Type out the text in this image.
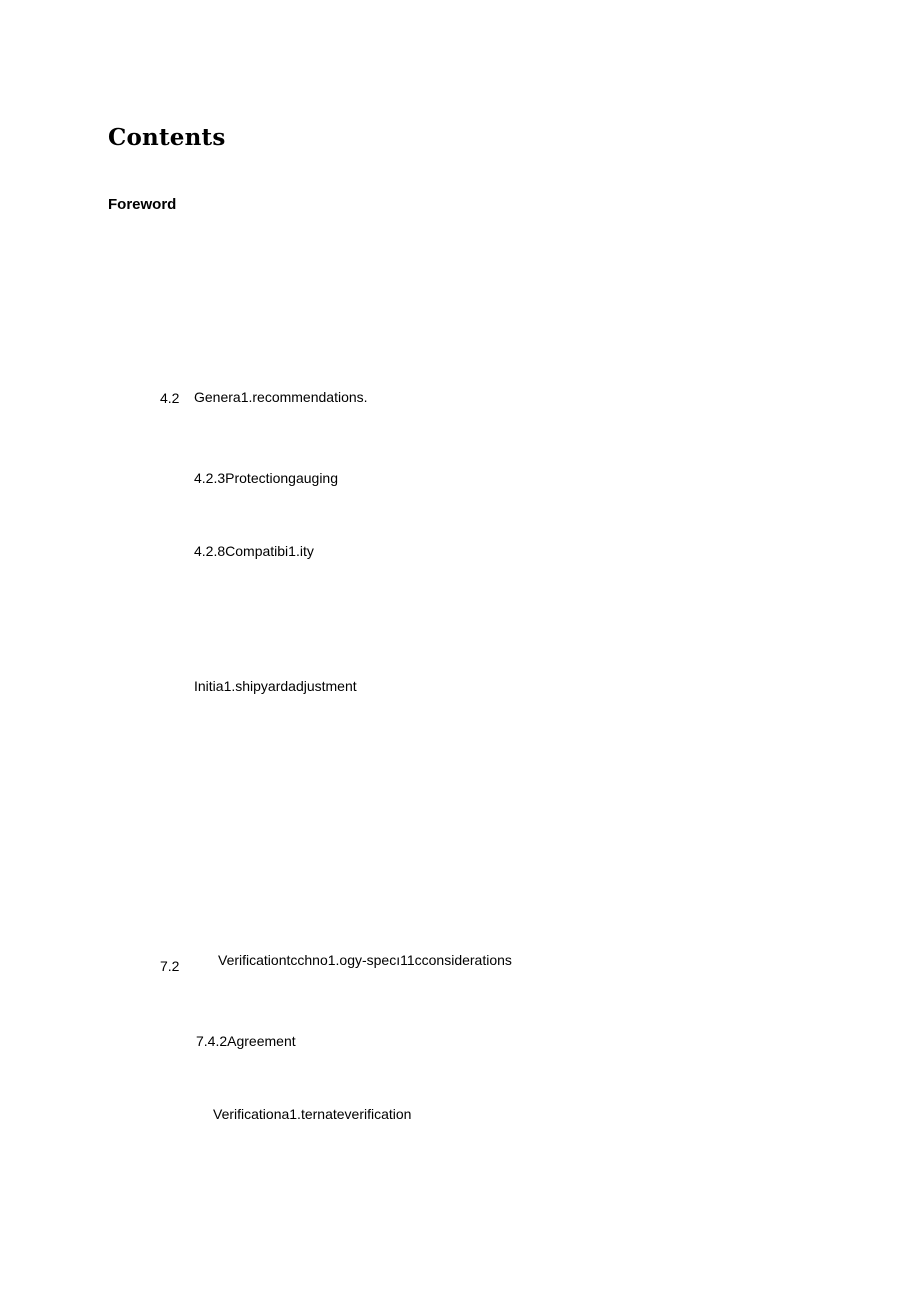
Contents
Foreword
4.2 Genera1.recommendations.
4.2.3Protectiongauging
4.2.8Compatibi1.ity
Initia1.shipyardadjustment
7.2	Verificationtcchno1.ogy-specı11cconsiderations
7.4.2Agreement
Verificationa1.ternateverification
